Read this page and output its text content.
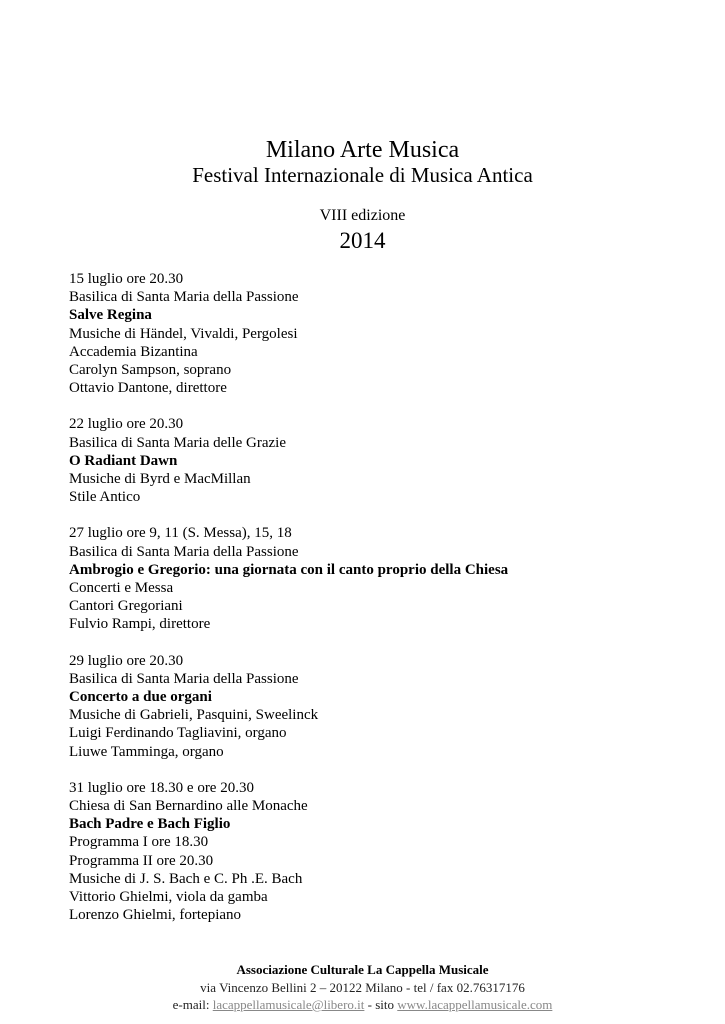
Milano Arte Musica
Festival Internazionale di Musica Antica
VIII edizione
2014
15 luglio ore 20.30
Basilica di Santa Maria della Passione
Salve Regina
Musiche di Händel, Vivaldi, Pergolesi
Accademia Bizantina
Carolyn Sampson, soprano
Ottavio Dantone, direttore
22 luglio ore 20.30
Basilica di Santa Maria delle Grazie
O Radiant Dawn
Musiche di Byrd e MacMillan
Stile Antico
27 luglio ore 9, 11 (S. Messa), 15, 18
Basilica di Santa Maria della Passione
Ambrogio e Gregorio: una giornata con il canto proprio della Chiesa
Concerti e Messa
Cantori Gregoriani
Fulvio Rampi, direttore
29 luglio ore 20.30
Basilica di Santa Maria della Passione
Concerto a due organi
Musiche di Gabrieli, Pasquini, Sweelinck
Luigi Ferdinando Tagliavini, organo
Liuwe Tamminga, organo
31 luglio ore 18.30 e ore 20.30
Chiesa di San Bernardino alle Monache
Bach Padre e Bach Figlio
Programma I ore 18.30
Programma II ore 20.30
Musiche di J. S. Bach e C. Ph .E. Bach
Vittorio Ghielmi, viola da gamba
Lorenzo Ghielmi, fortepiano
Associazione Culturale La Cappella Musicale
via Vincenzo Bellini 2 – 20122 Milano - tel / fax 02.76317176
e-mail: lacappellamusicale@libero.it - sito www.lacappellamusicale.com
